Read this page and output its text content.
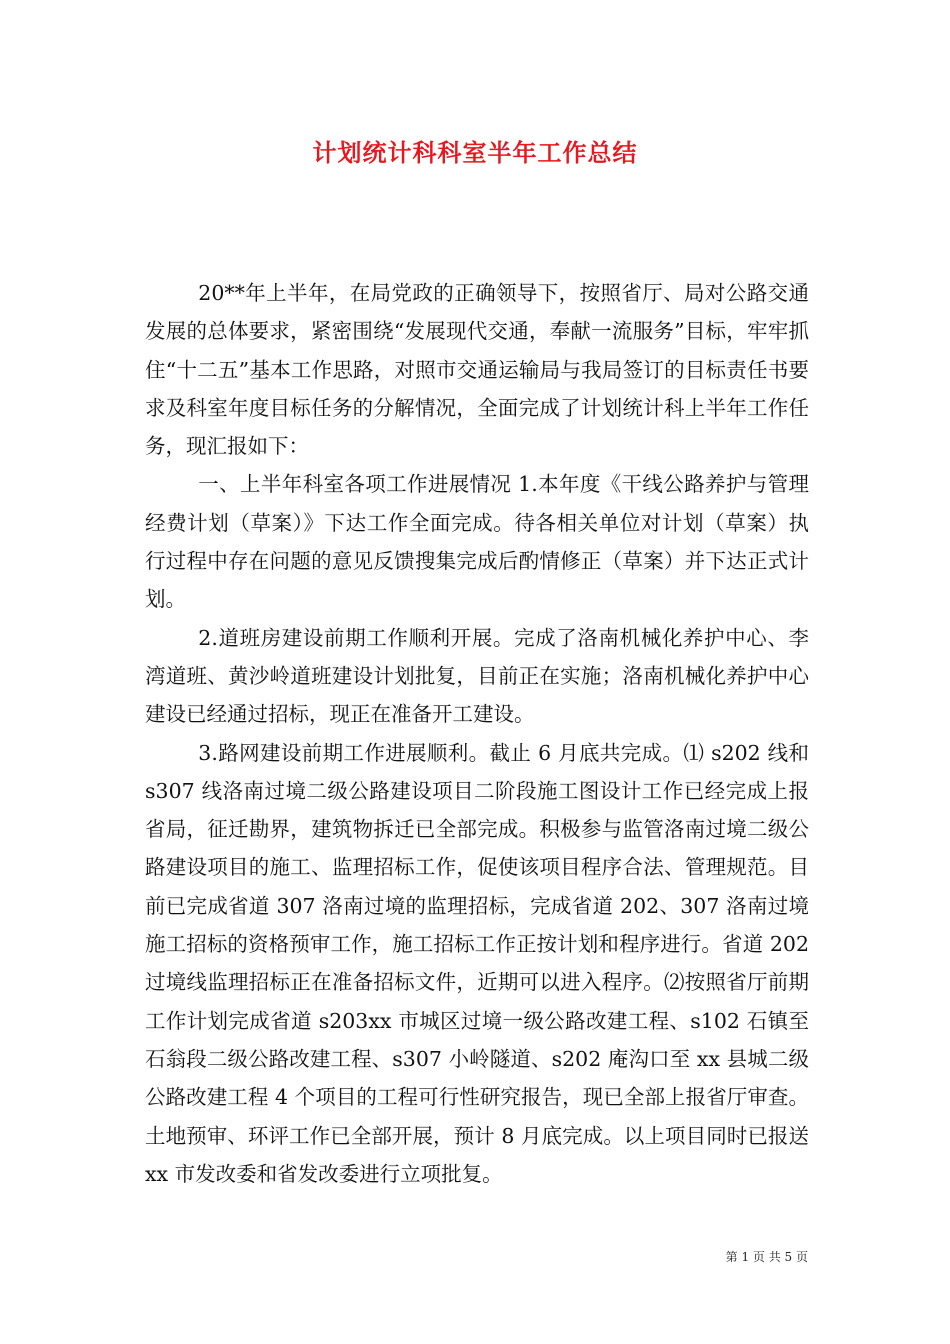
计划统计科科室半年工作总结

20**年上半年，在局党政的正确领导下，按照省厅、局对公路交通发展的总体要求，紧密围绕“发展现代交通，奉献一流服务”目标，牢牢抓住“十二五”基本工作思路，对照市交通运输局与我局签订的目标责任书要求及科室年度目标任务的分解情况，全面完成了计划统计科上半年工作任务，现汇报如下：

一、上半年科室各项工作进展情况 1.本年度《干线公路养护与管理经费计划（草案）》下达工作全面完成。待各相关单位对计划（草案）执行过程中存在问题的意见反馈搜集完成后酌情修正（草案）并下达正式计划。

2.道班房建设前期工作顺利开展。完成了洛南机械化养护中心、李湾道班、黄沙岭道班建设计划批复，目前正在实施；洛南机械化养护中心建设已经通过招标，现正在准备开工建设。

3.路网建设前期工作进展顺利。截止 6 月底共完成。⑴ s202 线和 s307 线洛南过境二级公路建设项目二阶段施工图设计工作已经完成上报省局，征迁勘界，建筑物拆迁已全部完成。积极参与监管洛南过境二级公路建设项目的施工、监理招标工作，促使该项目程序合法、管理规范。目前已完成省道 307 洛南过境的监理招标，完成省道 202、307 洛南过境施工招标的资格预审工作，施工招标工作正按计划和程序进行。省道 202 过境线监理招标正在准备招标文件，近期可以进入程序。⑵按照省厅前期工作计划完成省道 s203xx 市城区过境一级公路改建工程、s102 石镇至石翁段二级公路改建工程、s307 小岭隧道、s202 庵沟口至 xx 县城二级公路改建工程 4 个项目的工程可行性研究报告，现已全部上报省厅审查。土地预审、环评工作已全部开展，预计 8 月底完成。以上项目同时已报送 xx 市发改委和省发改委进行立项批复。

第 1 页 共 5 页
